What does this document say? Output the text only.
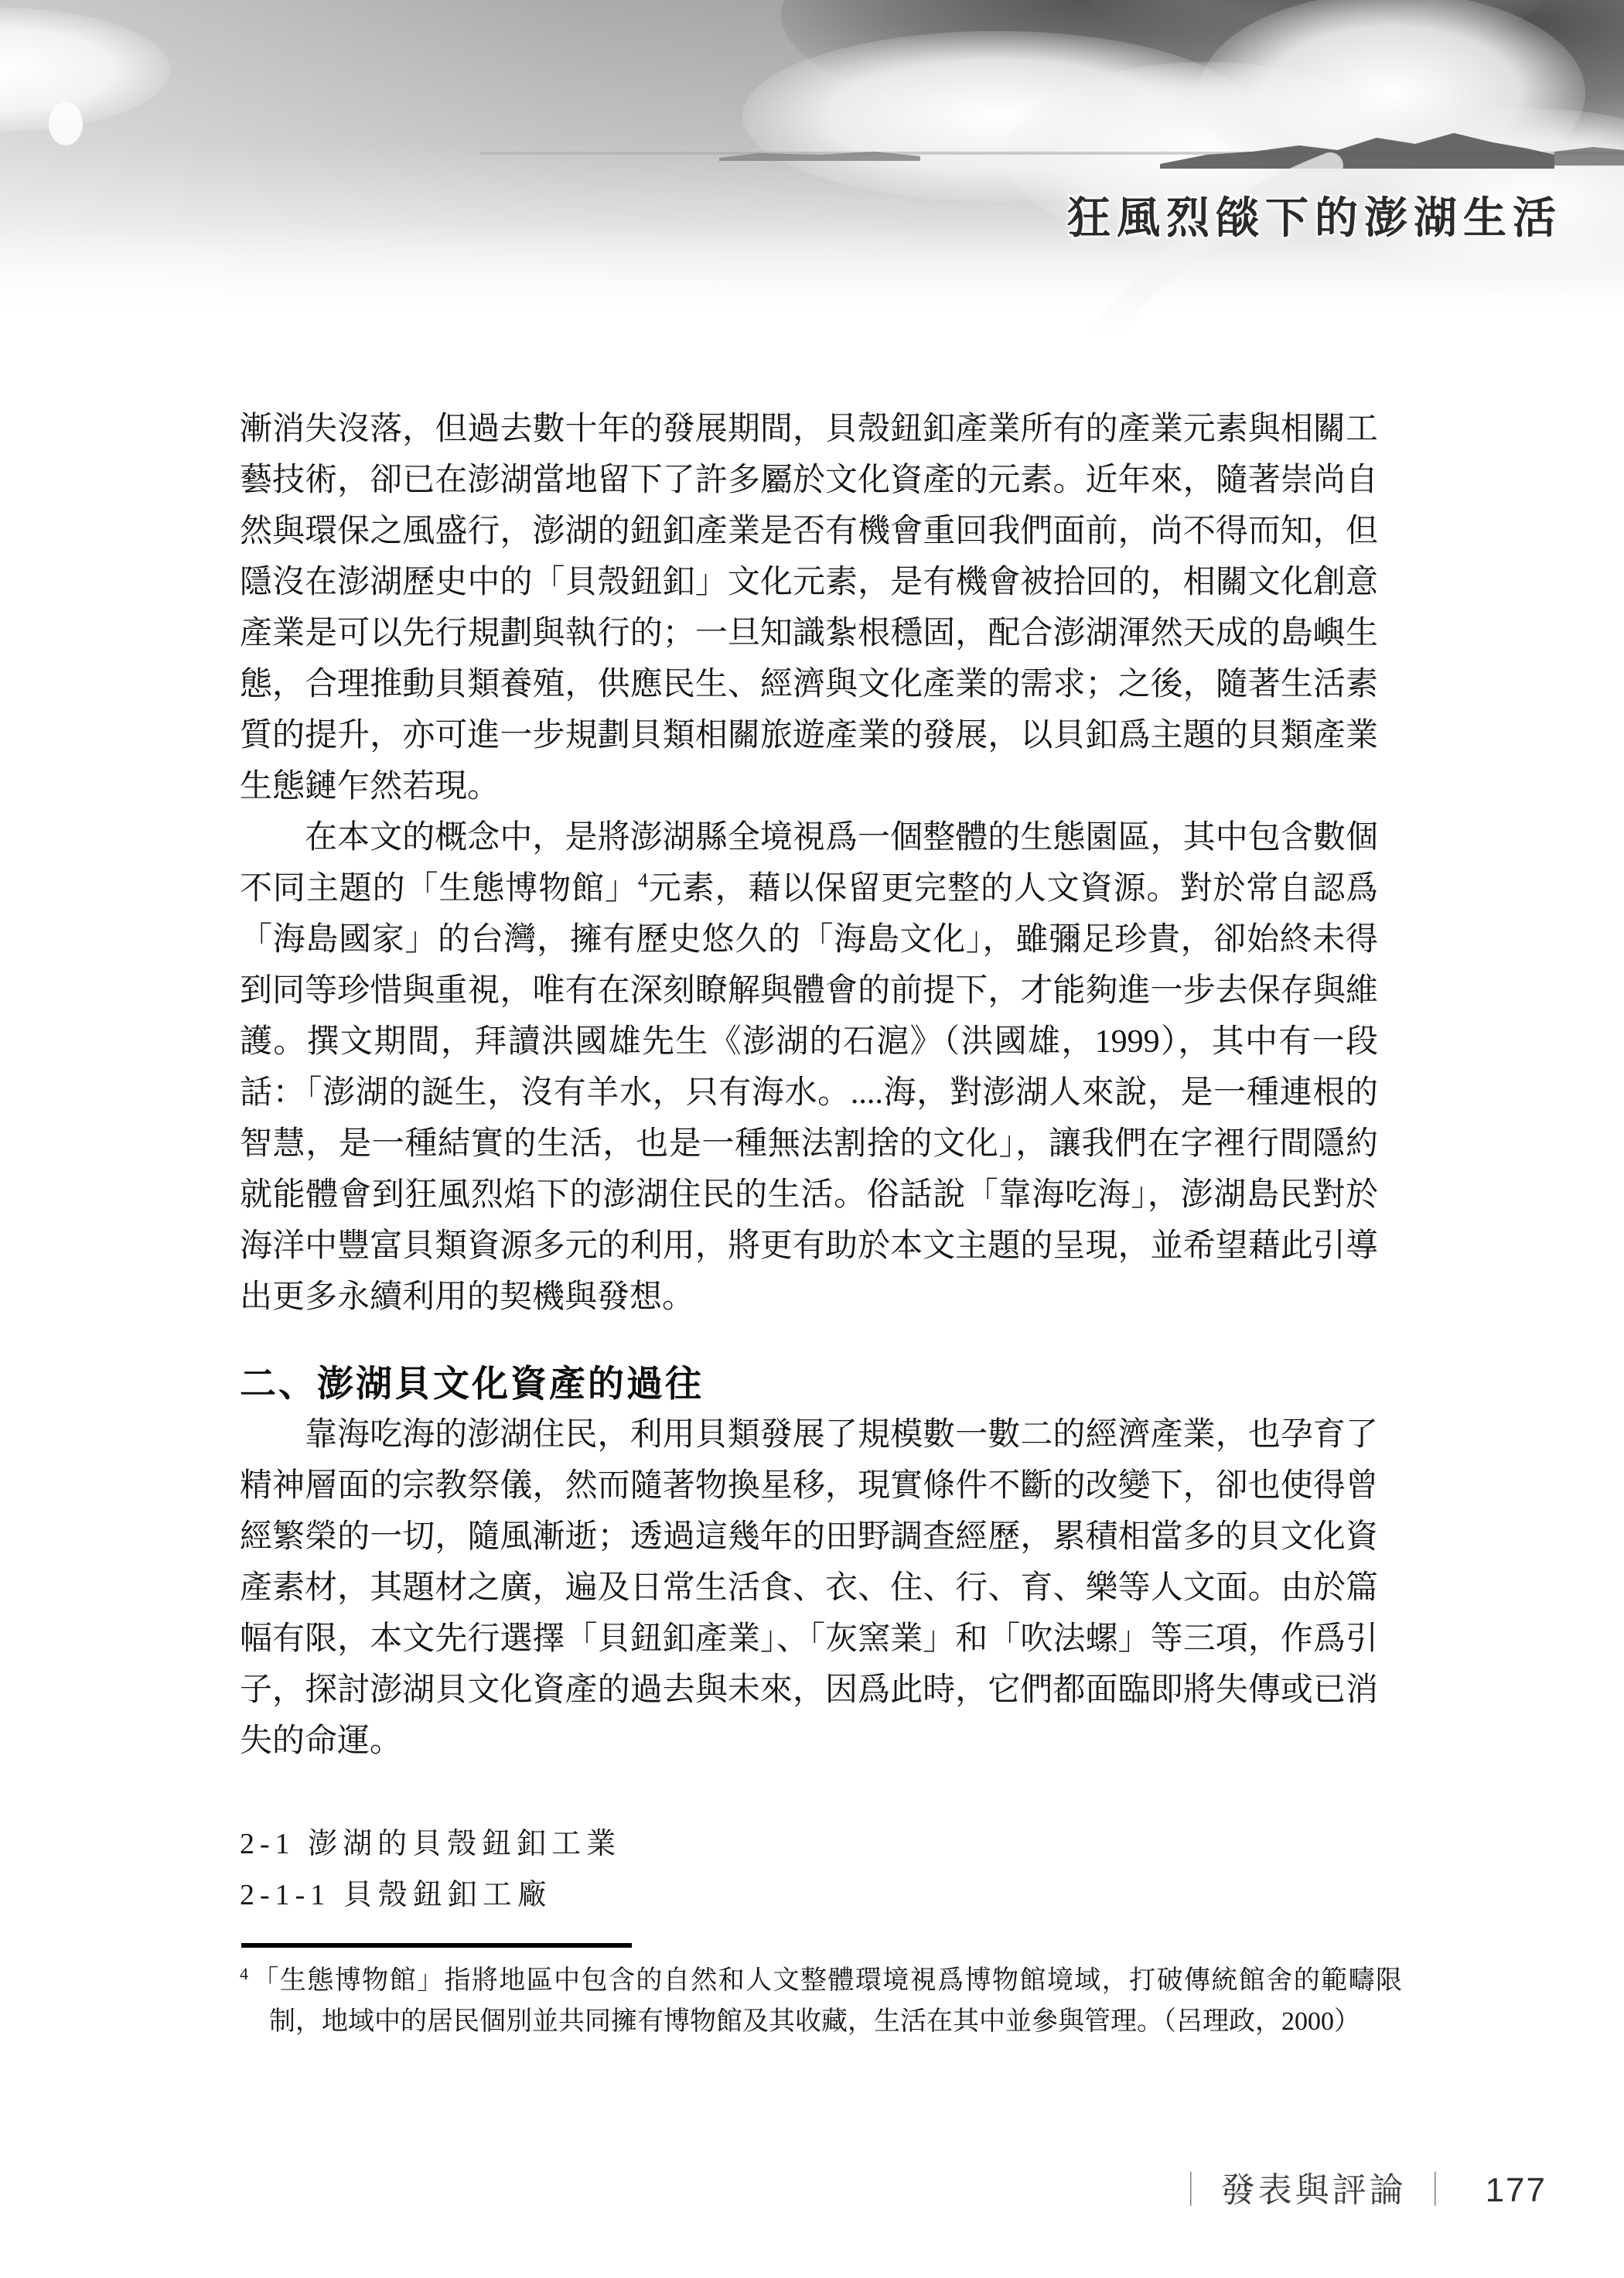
狂風烈燄下的澎湖生活

漸消失沒落，但過去數十年的發展期間，貝殼鈕釦產業所有的產業元素與相關工藝技術，卻已在澎湖當地留下了許多屬於文化資產的元素。近年來，隨著崇尚自然與環保之風盛行，澎湖的鈕釦產業是否有機會重回我們面前，尚不得而知，但隱沒在澎湖歷史中的「貝殼鈕釦」文化元素，是有機會被拾回的，相關文化創意產業是可以先行規劃與執行的；一旦知識紮根穩固，配合澎湖渾然天成的島嶼生態，合理推動貝類養殖，供應民生、經濟與文化產業的需求；之後，隨著生活素質的提升，亦可進一步規劃貝類相關旅遊產業的發展，以貝釦爲主題的貝類產業生態鏈乍然若現。

在本文的概念中，是將澎湖縣全境視爲一個整體的生態園區，其中包含數個不同主題的「生態博物館」$^4$元素，藉以保留更完整的人文資源。對於常自認爲「海島國家」的台灣，擁有歷史悠久的「海島文化」，雖彌足珍貴，卻始終未得到同等珍惜與重視，唯有在深刻瞭解與體會的前提下，才能夠進一步去保存與維護。撰文期間，拜讀洪國雄先生《澎湖的石滬》（洪國雄，1999），其中有一段話：「澎湖的誕生，沒有羊水，只有海水。....海，對澎湖人來說，是一種連根的智慧，是一種結實的生活，也是一種無法割捨的文化」，讓我們在字裡行間隱約就能體會到狂風烈焰下的澎湖住民的生活。俗話說「靠海吃海」，澎湖島民對於海洋中豐富貝類資源多元的利用，將更有助於本文主題的呈現，並希望藉此引導出更多永續利用的契機與發想。

二、澎湖貝文化資產的過往

靠海吃海的澎湖住民，利用貝類發展了規模數一數二的經濟產業，也孕育了精神層面的宗教祭儀，然而隨著物換星移，現實條件不斷的改變下，卻也使得曾經繁榮的一切，隨風漸逝；透過這幾年的田野調查經歷，累積相當多的貝文化資產素材，其題材之廣，遍及日常生活食、衣、住、行、育、樂等人文面。由於篇幅有限，本文先行選擇「貝鈕釦產業」、「灰窯業」和「吹法螺」等三項，作爲引子，探討澎湖貝文化資產的過去與未來，因爲此時，它們都面臨即將失傳或已消失的命運。

2-1 澎湖的貝殼鈕釦工業
2-1-1 貝殼鈕釦工廠
$^4$ 「生態博物館」指將地區中包含的自然和人文整體環境視爲博物館境域，打破傳統館舍的範疇限制，地域中的居民個別並共同擁有博物館及其收藏，生活在其中並參與管理。（呂理政，2000）
｜ 發表與評論 ｜ 177
